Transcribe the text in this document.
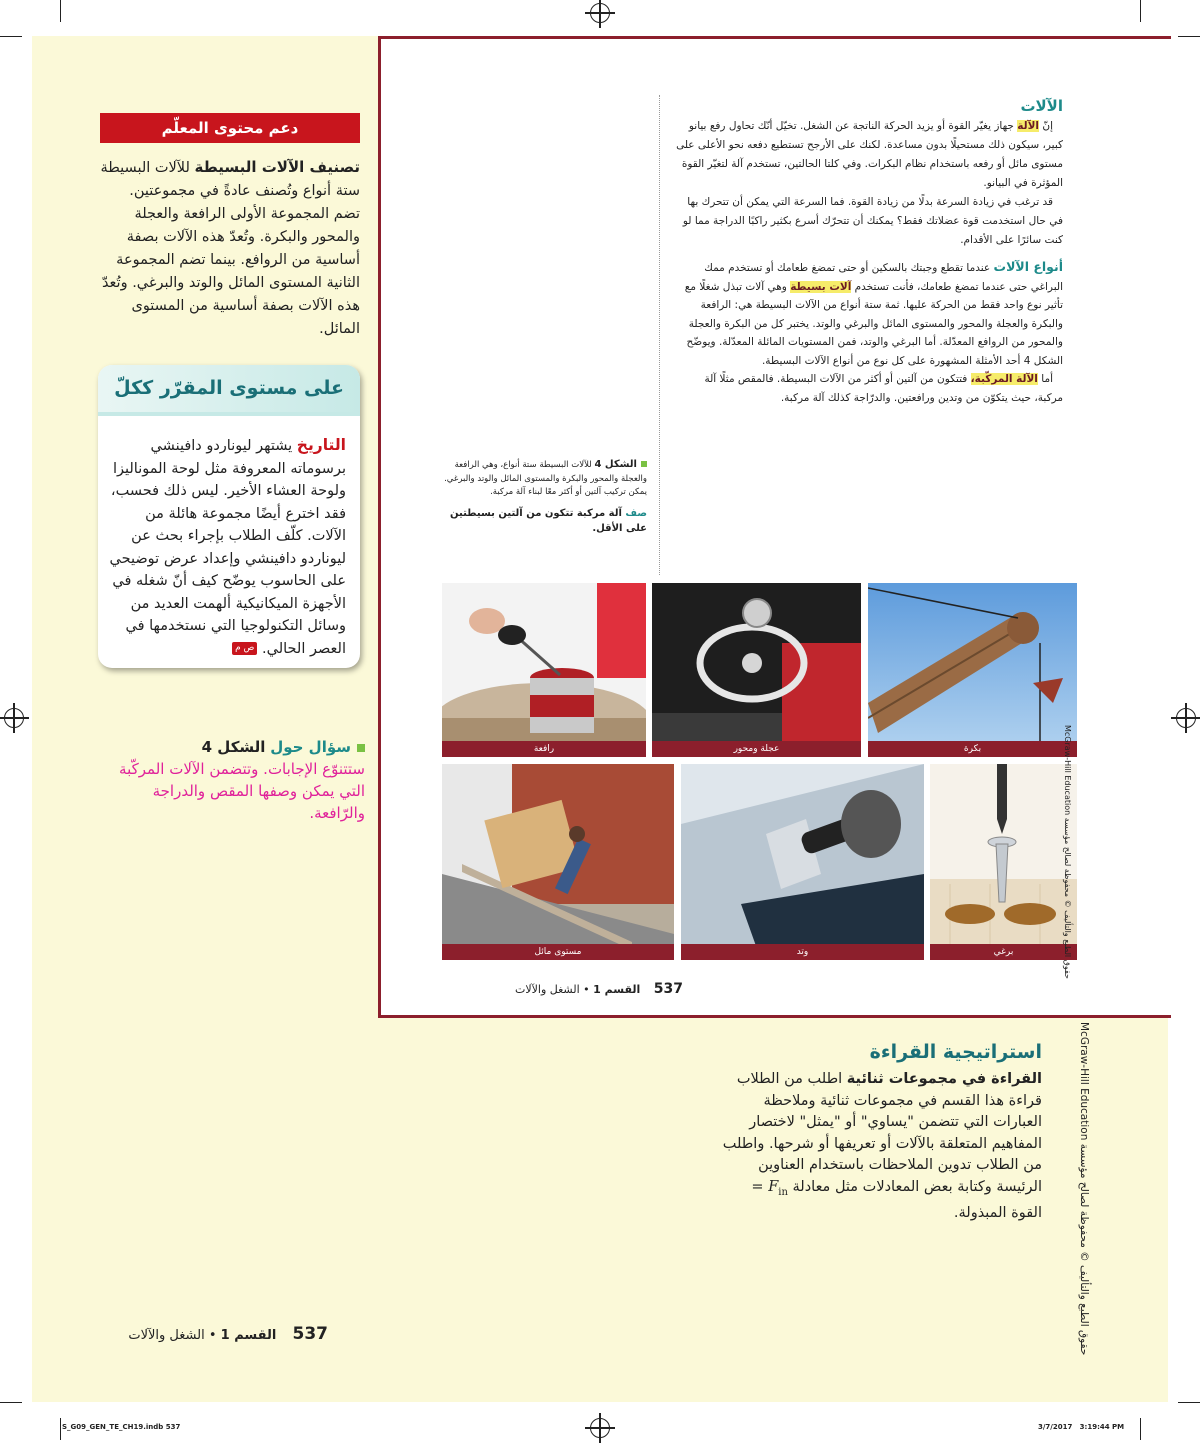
دعم محتوى المعلّم
تصنيف الآلات البسيطة للآلات البسيطة ستة أنواع وتُصنف عادةً في مجموعتين. تضم المجموعة الأولى الرافعة والعجلة والمحور والبكرة. وتُعدّ هذه الآلات بصفة أساسية من الروافع. بينما تضم المجموعة الثانية المستوى المائل والوتد والبرغي. وتُعدّ هذه الآلات بصفة أساسية من المستوى المائل.
على مستوى المقرّر ككلّ
التاريخ يشتهر ليوناردو دافينشي برسوماته المعروفة مثل لوحة الموناليزا ولوحة العشاء الأخير. ليس ذلك فحسب، فقد اخترع أيضًا مجموعة هائلة من الآلات. كلّف الطلاب بإجراء بحث عن ليوناردو دافينشي وإعداد عرض توضيحي على الحاسوب يوضّح كيف أنّ شغله في الأجهزة الميكانيكية ألهمت العديد من وسائل التكنولوجيا التي نستخدمها في العصر الحالي. ص م
سؤال حول الشكل 4
ستتنوّع الإجابات. وتتضمن الآلات المركّبة التي يمكن وصفها المقص والدراجة والرّافعة.
الآلات

إنّ الآلة جهاز يغيّر القوة أو يزيد الحركة الناتجة عن الشغل. تخيّل أنّك تحاول رفع بيانو كبير، سيكون ذلك مستحيلًا بدون مساعدة. لكنك على الأرجح تستطيع دفعه نحو الأعلى على مستوى مائل أو رفعه باستخدام نظام البكرات. وفي كلتا الحالتين، تستخدم آلة لتغيّر القوة المؤثرة في البيانو.

قد ترغب في زيادة السرعة بدلًا من زيادة القوة. فما السرعة التي يمكن أن تتحرك بها في حال استخدمت قوة عضلاتك فقط؟ يمكنك أن تتحرّك أسرع بكثير راكبًا الدراجة مما لو كنت سائرًا على الأقدام.

أنواع الآلات عندما تقطع وجبتك بالسكين أو حتى تمضغ طعامك أو تستخدم ممك البراغي حتى عندما تمضغ طعامك، فأنت تستخدم آلات بسيطة وهي آلات تبذل شغلًا مع تأثير نوع واحد فقط من الحركة عليها. ثمة ستة أنواع من الآلات البسيطة هي: الرافعة والبكرة والعجلة والمحور والمستوى المائل والبرغي والوتد. يختبر كل من البكرة والعجلة والمحور من الروافع المعدّلة. أما البرغي والوتد، فمن المستويات المائلة المعدّلة. ويوضّح الشكل 4 أحد الأمثلة المشهورة على كل نوع من أنواع الآلات البسيطة.

أما الآلة المركّبة، فتتكون من آلتين أو أكثر من الآلات البسيطة. فالمقص مثلًا آلة مركبة، حيث يتكوّن من وتدين ورافعتين. والدرّاجة كذلك آلة مركبة.

الشكل 4 للآلات البسيطة ستة أنواع، وهي الرافعة والعجلة والمحور والبكرة والمستوى المائل والوتد والبرغي. يمكن تركيب آلتين أو أكثر معًا لبناء آلة مركبة.

صف آلة مركبة تتكون من آلتين بسيطتين على الأقل.

رافعة	عجلة ومحور	بكرة
مستوى مائل	وتد	برغي
537 القسم 1 • الشغل والآلات
McGraw-Hill Education حقوق الطبع والتأليف © محفوظة لصالح مؤسسة
McGraw-Hill Education حقوق الطبع والتأليف © محفوظة لصالح مؤسسة
استراتيجية القراءة
القراءة في مجموعات ثنائية اطلب من الطلاب قراءة هذا القسم في مجموعات ثنائية وملاحظة العبارات التي تتضمن "يساوي" أو "يمثل" لاختصار المفاهيم المتعلقة بالآلات أو تعريفها أو شرحها. واطلب من الطلاب تدوين الملاحظات باستخدام العناوين الرئيسة وكتابة بعض المعادلات مثل معادلة $F_{in}$ = القوة المبذولة.
537 القسم 1 • الشغل والآلات
S_G09_GEN_TE_CH19.indb 537	3/7/2017 3:19:44 PM
